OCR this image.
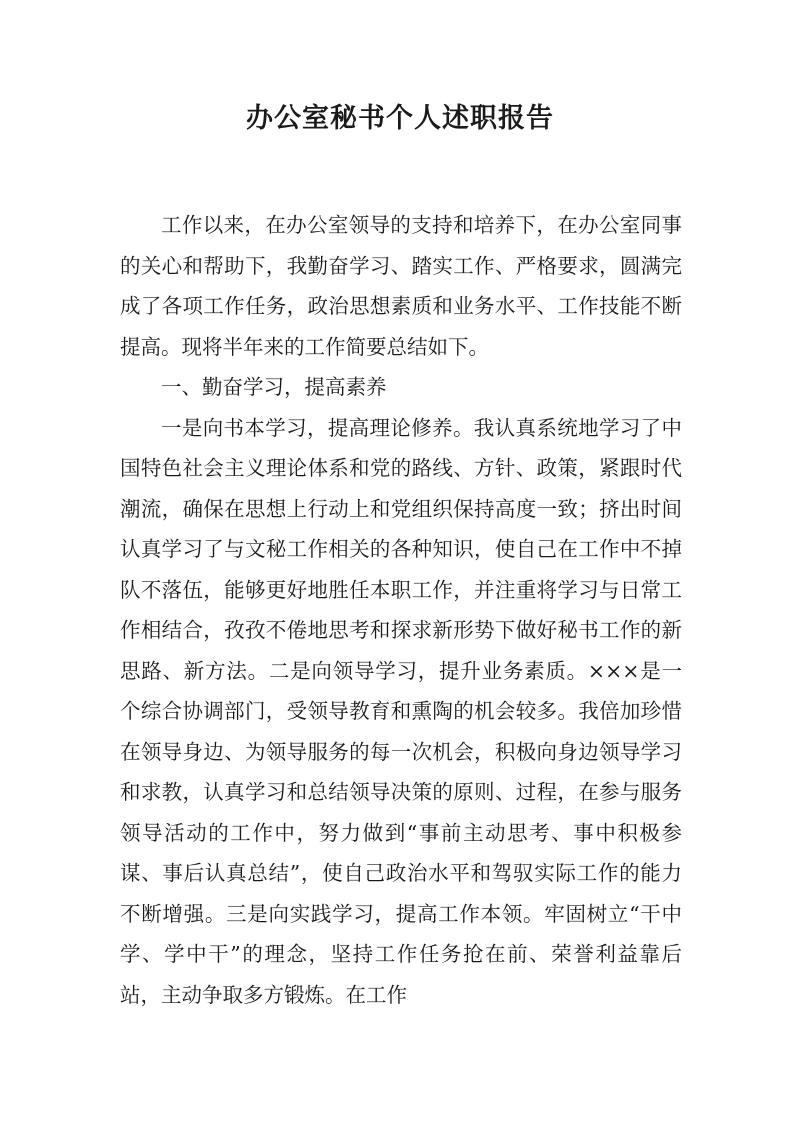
办公室秘书个人述职报告

工作以来，在办公室领导的支持和培养下，在办公室同事的关心和帮助下，我勤奋学习、踏实工作、严格要求，圆满完成了各项工作任务，政治思想素质和业务水平、工作技能不断提高。现将半年来的工作简要总结如下。

一、勤奋学习，提高素养

一是向书本学习，提高理论修养。我认真系统地学习了中国特色社会主义理论体系和党的路线、方针、政策，紧跟时代潮流，确保在思想上行动上和党组织保持高度一致；挤出时间认真学习了与文秘工作相关的各种知识，使自己在工作中不掉队不落伍，能够更好地胜任本职工作，并注重将学习与日常工作相结合，孜孜不倦地思考和探求新形势下做好秘书工作的新思路、新方法。二是向领导学习，提升业务素质。×××是一个综合协调部门，受领导教育和熏陶的机会较多。我倍加珍惜在领导身边、为领导服务的每一次机会，积极向身边领导学习和求教，认真学习和总结领导决策的原则、过程，在参与服务领导活动的工作中，努力做到“事前主动思考、事中积极参谋、事后认真总结”，使自己政治水平和驾驭实际工作的能力不断增强。三是向实践学习，提高工作本领。牢固树立“干中学、学中干”的理念，坚持工作任务抢在前、荣誉利益靠后站，主动争取多方锻炼。在工作
